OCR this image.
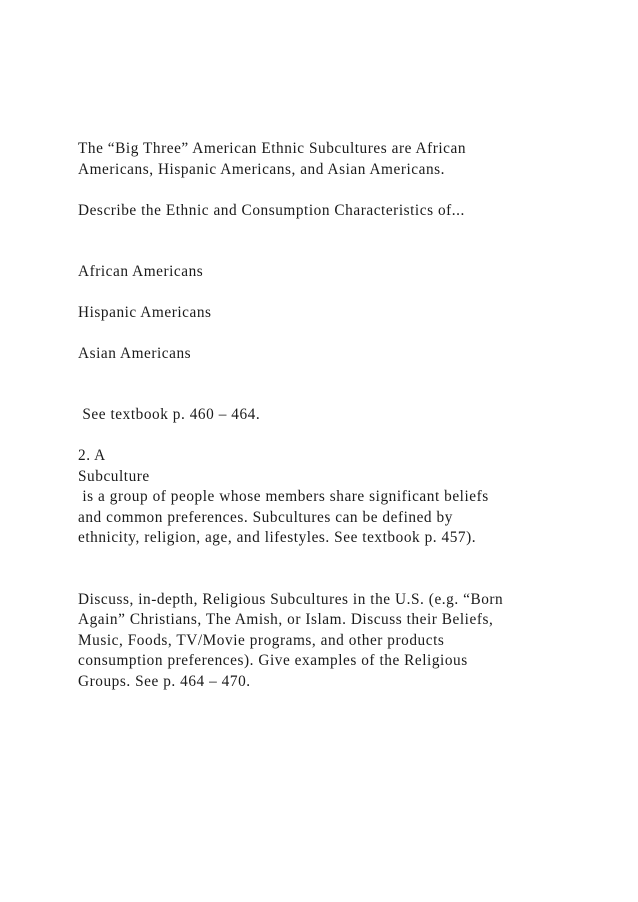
The “Big Three” American Ethnic Subcultures are African
Americans, Hispanic Americans, and Asian Americans.
Describe the Ethnic and Consumption Characteristics of...
African Americans
Hispanic Americans
Asian Americans
See textbook p. 460 – 464.
2. A
Subculture
is a group of people whose members share significant beliefs
and common preferences. Subcultures can be defined by
ethnicity, religion, age, and lifestyles. See textbook p. 457).
Discuss, in-depth, Religious Subcultures in the U.S. (e.g. “Born
Again” Christians, The Amish, or Islam. Discuss their Beliefs,
Music, Foods, TV/Movie programs, and other products
consumption preferences). Give examples of the Religious
Groups. See p. 464 – 470.
